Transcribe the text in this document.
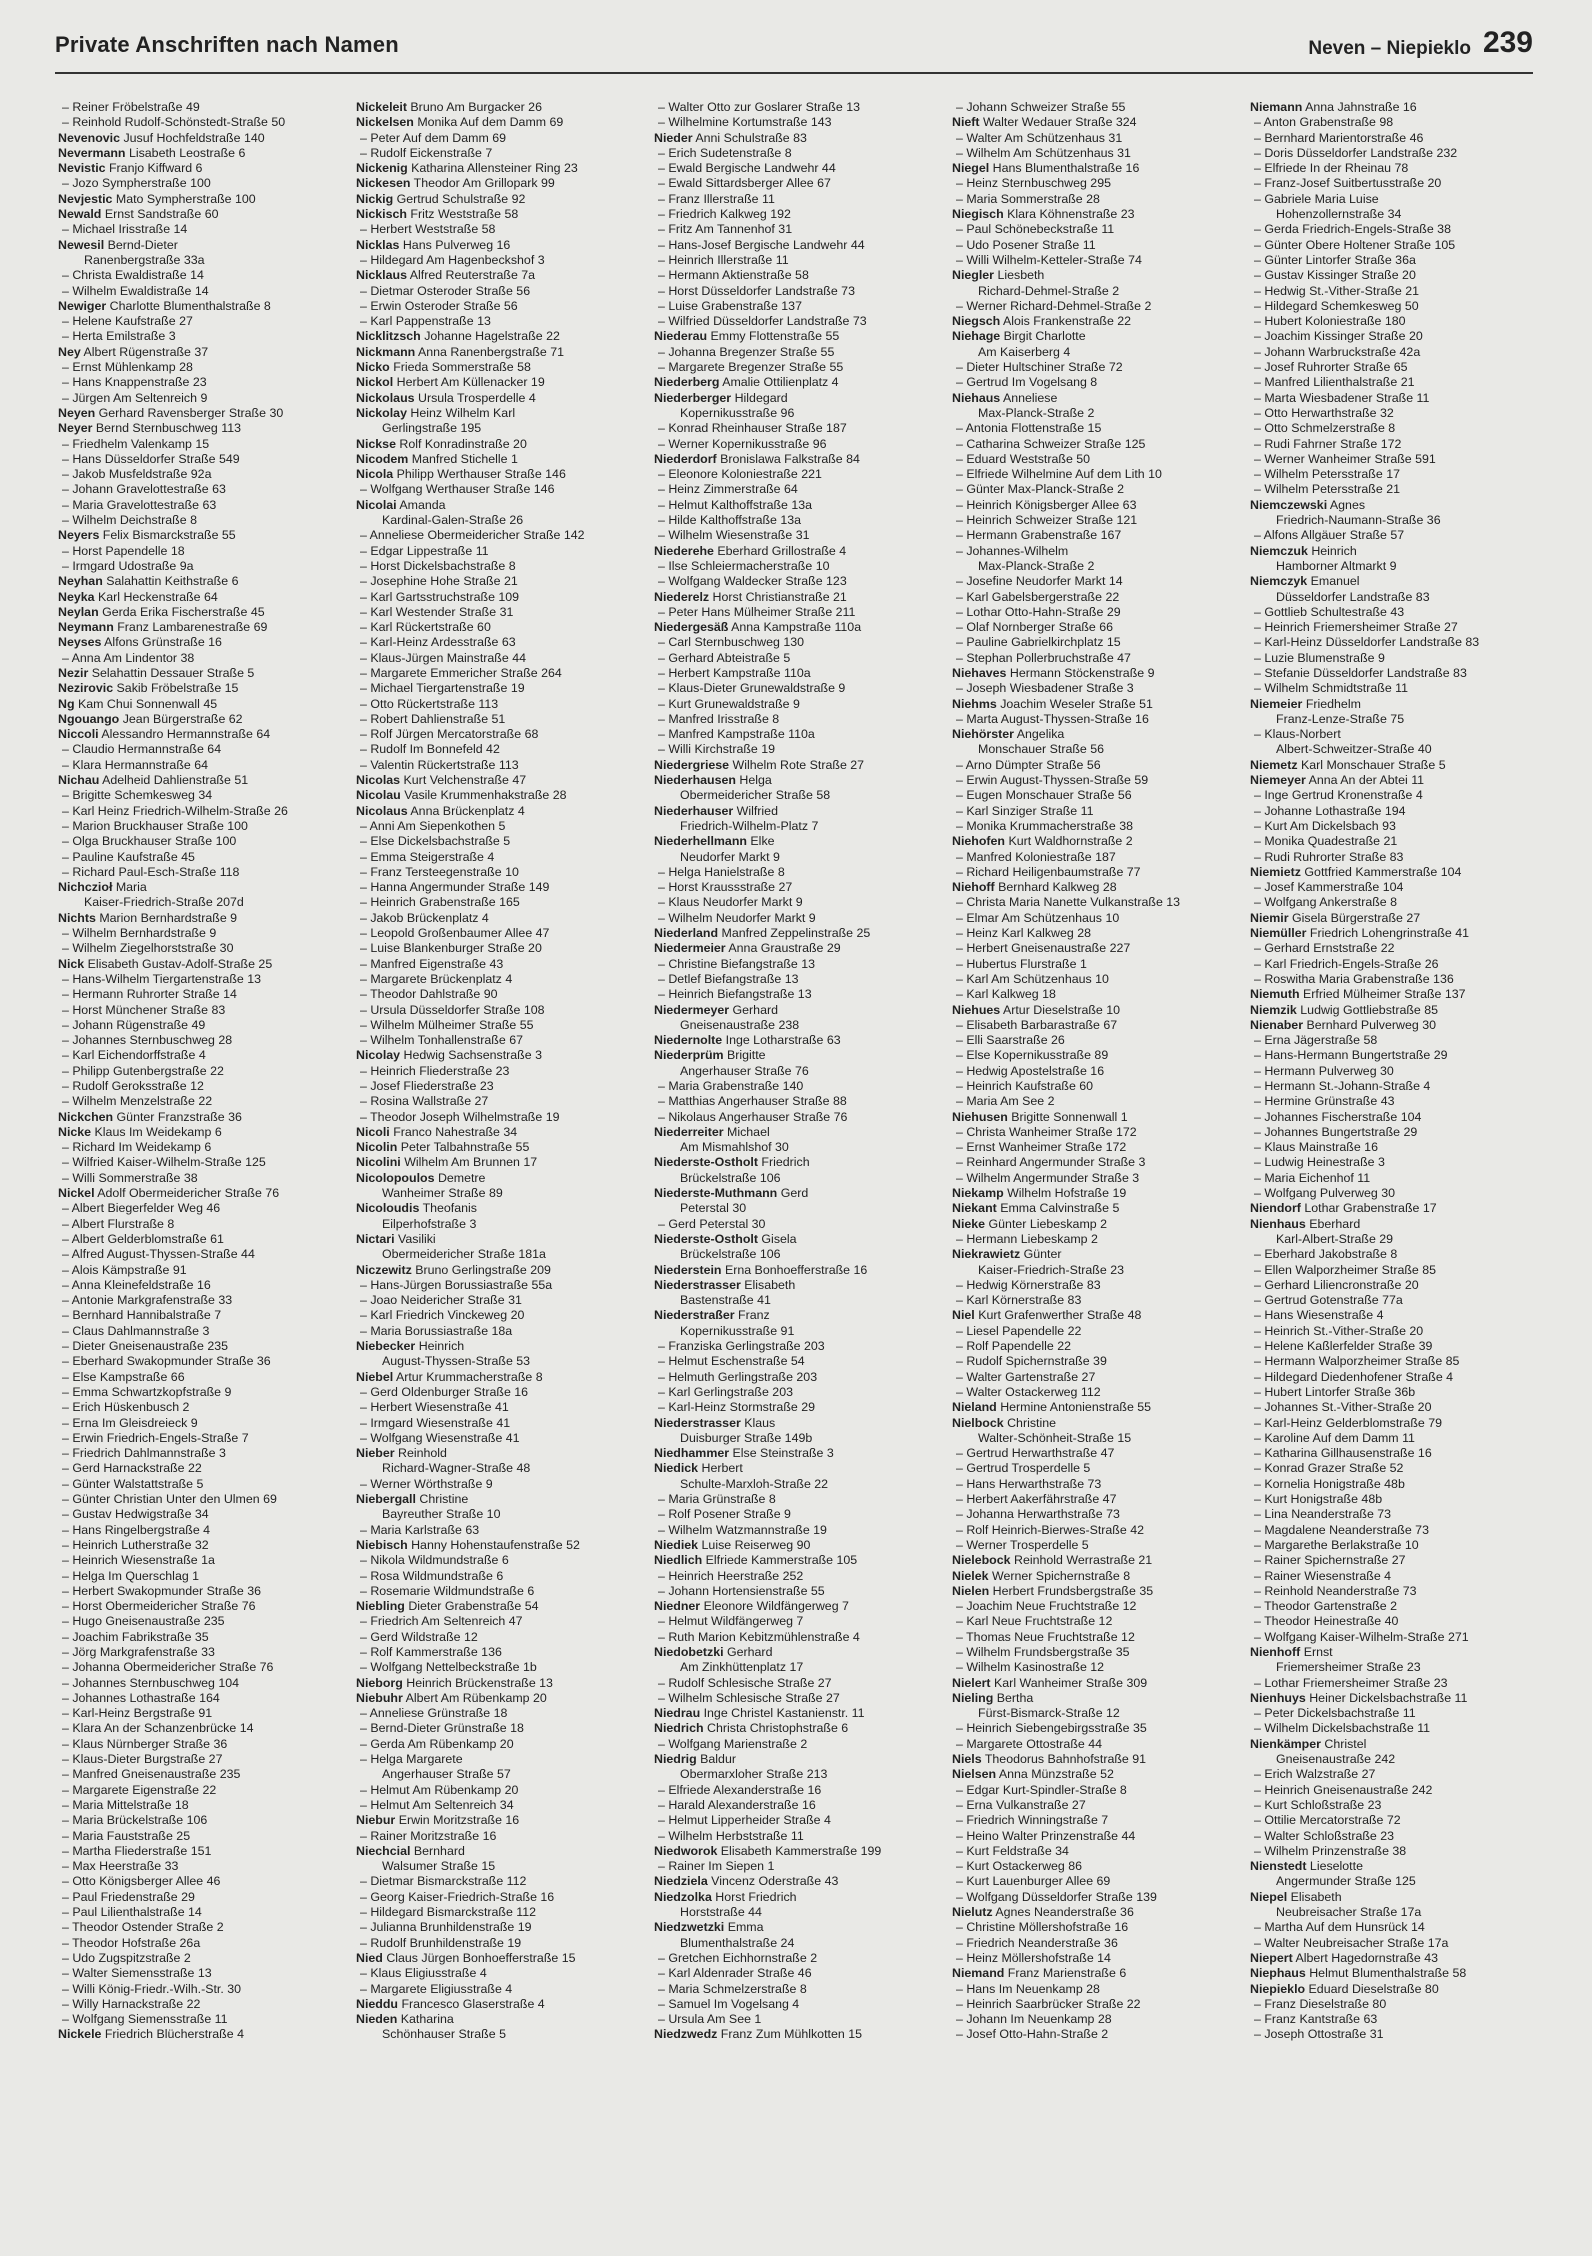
Private Anschriften nach Namen	Neven – Niepieklo 239
– Reiner Fröbelstraße 49
– Reinhold Rudolf-Schönstedt-Straße 50
Nevenovic Jusuf Hochfeldstraße 140
Nevermann Lisabeth Leostraße 6
Nevistic Franjo Kiffward 6
– Jozo Sympherstraße 100
Nevjestic Mato Sympherstraße 100
Newald Ernst Sandstraße 60
– Michael Irisstraße 14
Newesil Bernd-Dieter
Ranenbergstraße 33a
– Christa Ewaldistraße 14
– Wilhelm Ewaldistraße 14
Newiger Charlotte Blumenthalstraße 8
– Helene Kaufstraße 27
– Herta Emilstraße 3
Ney Albert Rügenstraße 37
– Ernst Mühlenkamp 28
– Hans Knappenstraße 23
– Jürgen Am Seltenreich 9
Neyen Gerhard Ravensberger Straße 30
Neyer Bernd Sternbuschweg 113
– Friedhelm Valenkamp 15
– Hans Düsseldorfer Straße 549
– Jakob Musfeldstraße 92a
– Johann Gravelottestraße 63
– Maria Gravelottestraße 63
– Wilhelm Deichstraße 8
Neyers Felix Bismarckstraße 55
– Horst Papendelle 18
– Irmgard Udostraße 9a
Neyhan Salahattin Keithstraße 6
Neyka Karl Heckenstraße 64
Neylan Gerda Erika Fischerstraße 45
Neymann Franz Lambarenestraße 69
Neyses Alfons Grünstraße 16
– Anna Am Lindentor 38
Nezir Selahattin Dessauer Straße 5
Nezirovic Sakib Fröbelstraße 15
Ng Kam Chui Sonnenwall 45
Ngouango Jean Bürgerstraße 62
Niccoli Alessandro Hermannstraße 64
– Claudio Hermannstraße 64
– Klara Hermannstraße 64
Nichau Adelheid Dahlienstraße 51
– Brigitte Schemkesweg 34
– Karl Heinz Friedrich-Wilhelm-Straße 26
– Marion Bruckhauser Straße 100
– Olga Bruckhauser Straße 100
– Pauline Kaufstraße 45
– Richard Paul-Esch-Straße 118
Nichczioł Maria
Kaiser-Friedrich-Straße 207d
Nichts Marion Bernhardstraße 9
– Wilhelm Bernhardstraße 9
– Wilhelm Ziegelhorststraße 30
Nick Elisabeth Gustav-Adolf-Straße 25
– Hans-Wilhelm Tiergartenstraße 13
– Hermann Ruhrorter Straße 14
– Horst Münchener Straße 83
– Johann Rügenstraße 49
– Johannes Sternbuschweg 28
– Karl Eichendorffstraße 4
– Philipp Gutenbergstraße 22
– Rudolf Geroksstraße 12
– Wilhelm Menzelstraße 22
Nickchen Günter Franzstraße 36
Nicke Klaus Im Weidekamp 6
– Richard Im Weidekamp 6
– Wilfried Kaiser-Wilhelm-Straße 125
– Willi Sommerstraße 38
Nickel Adolf Obermeidericher Straße 76
– Albert Biegerfelder Weg 46
– Albert Flurstraße 8
– Albert Gelderblomstraße 61
– Alfred August-Thyssen-Straße 44
– Alois Kämpstraße 91
– Anna Kleinefeldstraße 16
– Antonie Markgrafenstraße 33
– Bernhard Hannibalstraße 7
– Claus Dahlmannstraße 3
– Dieter Gneisenaustraße 235
– Eberhard Swakopmunder Straße 36
– Else Kampstraße 66
– Emma Schwartzkopfstraße 9
– Erich Hüskenbusch 2
– Erna Im Gleisdreieck 9
– Erwin Friedrich-Engels-Straße 7
– Friedrich Dahlmannstraße 3
– Gerd Harnackstraße 22
– Günter Walstattstraße 5
– Günter Christian Unter den Ulmen 69
– Gustav Hedwigstraße 34
– Hans Ringelbergstraße 4
– Heinrich Lutherstraße 32
– Heinrich Wiesenstraße 1a
– Helga Im Querschlag 1
– Herbert Swakopmunder Straße 36
– Horst Obermeidericher Straße 76
– Hugo Gneisenaustraße 235
– Joachim Fabrikstraße 35
– Jörg Markgrafenstraße 33
– Johanna Obermeidericher Straße 76
– Johannes Sternbuschweg 104
– Johannes Lothastraße 164
– Karl-Heinz Bergstraße 91
– Klara An der Schanzenbrücke 14
– Klaus Nürnberger Straße 36
– Klaus-Dieter Burgstraße 27
– Manfred Gneisenaustraße 235
– Margarete Eigenstraße 22
– Maria Mittelstraße 18
– Maria Brückelstraße 106
– Maria Fauststraße 25
– Martha Fliederstraße 151
– Max Heerstraße 33
– Otto Königsberger Allee 46
– Paul Friedenstraße 29
– Paul Lilienthalstraße 14
– Theodor Ostender Straße 2
– Theodor Hofstraße 26a
– Udo Zugspitzstraße 2
– Walter Siemensstraße 13
– Willi König-Friedr.-Wilh.-Str. 30
– Willy Harnackstraße 22
– Wolfgang Siemensstraße 11
Nickele Friedrich Blücherstraße 4
Nickeleit Bruno Am Burgacker 26
Nickelsen Monika Auf dem Damm 69
– Peter Auf dem Damm 69
– Rudolf Eickenstraße 7
Nickenig Katharina Allensteiner Ring 23
Nickesen Theodor Am Grillopark 99
Nickig Gertrud Schulstraße 92
Nickisch Fritz Weststraße 58
– Herbert Weststraße 58
Nicklas Hans Pulverweg 16
– Hildegard Am Hagenbeckshof 3
Nicklaus Alfred Reuterstraße 7a
– Dietmar Osteroder Straße 56
– Erwin Osteroder Straße 56
– Karl Pappenstraße 13
Nicklitzsch Johanne Hagelstraße 22
Nickmann Anna Ranenbergstraße 71
Nicko Frieda Sommerstraße 58
Nickol Herbert Am Küllenacker 19
Nickolaus Ursula Trosperdelle 4
Nickolay Heinz Wilhelm Karl
Gerlingstraße 195
Nickse Rolf Konradinstraße 20
Nicodem Manfred Stichelle 1
Nicola Philipp Werthauser Straße 146
– Wolfgang Werthauser Straße 146
Nicolai Amanda
Kardinal-Galen-Straße 26
– Anneliese Obermeidericher Straße 142
– Edgar Lippestraße 11
– Horst Dickelsbachstraße 8
– Josephine Hohe Straße 21
– Karl Gartsstruchstraße 109
– Karl Westender Straße 31
– Karl Rückertstraße 60
– Karl-Heinz Ardesstraße 63
– Klaus-Jürgen Mainstraße 44
– Margarete Emmericher Straße 264
– Michael Tiergartenstraße 19
– Otto Rückertstraße 113
– Robert Dahlienstraße 51
– Rolf Jürgen Mercatorstraße 68
– Rudolf Im Bonnefeld 42
– Valentin Rückertstraße 113
Nicolas Kurt Velchenstraße 47
Nicolau Vasile Krummenhakstraße 28
Nicolaus Anna Brückenplatz 4
– Anni Am Siepenkothen 5
– Else Dickelsbachstraße 5
– Emma Steigerstraße 4
– Franz Tersteegenstraße 10
– Hanna Angermunder Straße 149
– Heinrich Grabenstraße 165
– Jakob Brückenplatz 4
– Leopold Großenbaumer Allee 47
– Luise Blankenburger Straße 20
– Manfred Eigenstraße 43
– Margarete Brückenplatz 4
– Theodor Dahlstraße 90
– Ursula Düsseldorfer Straße 108
– Wilhelm Mülheimer Straße 55
– Wilhelm Tonhallenstraße 67
Nicolay Hedwig Sachsenstraße 3
– Heinrich Fliederstraße 23
– Josef Fliederstraße 23
– Rosina Wallstraße 27
– Theodor Joseph Wilhelmstraße 19
Nicoli Franco Nahestraße 34
Nicolin Peter Talbahnstraße 55
Nicolini Wilhelm Am Brunnen 17
Nicolopoulos Demetre
Wanheimer Straße 89
Nicoloudis Theofanis
Eilperhofstraße 3
Nictari Vasiliki
Obermeidericher Straße 181a
Niczewitz Bruno Gerlingstraße 209
– Hans-Jürgen Borussiastraße 55a
– Joao Neidericher Straße 31
– Karl Friedrich Vinckeweg 20
– Maria Borussiastraße 18a
Niebecker Heinrich
August-Thyssen-Straße 53
Niebel Artur Krummacherstraße 8
– Gerd Oldenburger Straße 16
– Herbert Wiesenstraße 41
– Irmgard Wiesenstraße 41
– Wolfgang Wiesenstraße 41
Nieber Reinhold
Richard-Wagner-Straße 48
– Werner Wörthstraße 9
Niebergall Christine
Bayreuther Straße 10
– Maria Karlstraße 63
Niebisch Hanny Hohenstaufenstraße 52
– Nikola Wildmundstraße 6
– Rosa Wildmundstraße 6
– Rosemarie Wildmundstraße 6
Niebling Dieter Grabenstraße 54
– Friedrich Am Seltenreich 47
– Gerd Wildstraße 12
– Rolf Kammerstraße 136
– Wolfgang Nettelbeckstraße 1b
Nieborg Heinrich Brückenstraße 13
Niebuhr Albert Am Rübenkamp 20
– Anneliese Grünstraße 18
– Bernd-Dieter Grünstraße 18
– Gerda Am Rübenkamp 20
– Helga Margarete
Angerhauser Straße 57
– Helmut Am Rübenkamp 20
– Helmut Am Seltenreich 34
Niebur Erwin Moritzstraße 16
– Rainer Moritzstraße 16
Niechcial Bernhard
Walsumer Straße 15
– Dietmar Bismarckstraße 112
– Georg Kaiser-Friedrich-Straße 16
– Hildegard Bismarckstraße 112
– Julianna Brunhildenstraße 19
– Rudolf Brunhildenstraße 19
Nied Claus Jürgen Bonhoefferstraße 15
– Klaus Eligiusstraße 4
– Margarete Eligiusstraße 4
Nieddu Francesco Glaserstraße 4
Nieden Katharina
Schönhauser Straße 5
– Walter Otto zur Goslarer Straße 13
– Wilhelmine Kortumstraße 143
Nieder Anni Schulstraße 83
– Erich Sudetenstraße 8
– Ewald Bergische Landwehr 44
– Ewald Sittardsberger Allee 67
– Franz Illerstraße 11
– Friedrich Kalkweg 192
– Fritz Am Tannenhof 31
– Hans-Josef Bergische Landwehr 44
– Heinrich Illerstraße 11
– Hermann Aktienstraße 58
– Horst Düsseldorfer Landstraße 73
– Luise Grabenstraße 137
– Wilfried Düsseldorfer Landstraße 73
Niederau Emmy Flottenstraße 55
– Johanna Bregenzer Straße 55
– Margarete Bregenzer Straße 55
Niederberg Amalie Ottilienplatz 4
Niederberger Hildegard
Kopernikusstraße 96
– Konrad Rheinhauser Straße 187
– Werner Kopernikusstraße 96
Niederdorf Bronislawa Falkstraße 84
– Eleonore Koloniestraße 221
– Heinz Zimmerstraße 64
– Helmut Kalthoffstraße 13a
– Hilde Kalthoffstraße 13a
– Wilhelm Wiesenstraße 31
Niederehe Eberhard Grillostraße 4
– Ilse Schleiermacherstraße 10
– Wolfgang Waldecker Straße 123
Niederelz Horst Christianstraße 21
– Peter Hans Mülheimer Straße 211
Niedergesäß Anna Kampstraße 110a
– Carl Sternbuschweg 130
– Gerhard Abteistraße 5
– Herbert Kampstraße 110a
– Klaus-Dieter Grunewaldstraße 9
– Kurt Grunewaldstraße 9
– Manfred Irisstraße 8
– Manfred Kampstraße 110a
– Willi Kirchstraße 19
Niedergriese Wilhelm Rote Straße 27
Niederhausen Helga
Obermeidericher Straße 58
Niederhauser Wilfried
Friedrich-Wilhelm-Platz 7
Niederhellmann Elke
Neudorfer Markt 9
– Helga Hanielstraße 8
– Horst Kraussstraße 27
– Klaus Neudorfer Markt 9
– Wilhelm Neudorfer Markt 9
Niederland Manfred Zeppelinstraße 25
Niedermeier Anna Graustraße 29
– Christine Biefangstraße 13
– Detlef Biefangstraße 13
– Heinrich Biefangstraße 13
Niedermeyer Gerhard
Gneisenaustraße 238
Niedernolte Inge Lotharstraße 63
Niederprüm Brigitte
Angerhauser Straße 76
– Maria Grabenstraße 140
– Matthias Angerhauser Straße 88
– Nikolaus Angerhauser Straße 76
Niederreiter Michael
Am Mismahlshof 30
Niederste-Ostholt Friedrich
Brückelstraße 106
Niederste-Muthmann Gerd
Peterstal 30
– Gerd Peterstal 30
Niederste-Ostholt Gisela
Brückelstraße 106
Niederstein Erna Bonhoefferstraße 16
Niederstrasser Elisabeth
Bastenstraße 41
Niederstraßer Franz
Kopernikusstraße 91
– Franziska Gerlingstraße 203
– Helmut Eschenstraße 54
– Helmuth Gerlingstraße 203
– Karl Gerlingstraße 203
– Karl-Heinz Stormstraße 29
Niederstrasser Klaus
Duisburger Straße 149b
Niedhammer Else Steinstraße 3
Niedick Herbert
Schulte-Marxloh-Straße 22
– Maria Grünstraße 8
– Rolf Posener Straße 9
– Wilhelm Watzmannstraße 19
Niediek Luise Reiserweg 90
Niedlich Elfriede Kammerstraße 105
– Heinrich Heerstraße 252
– Johann Hortensienstraße 55
Niedner Eleonore Wildfängerweg 7
– Helmut Wildfängerweg 7
– Ruth Marion Kebitzmühlenstraße 4
Niedobetzki Gerhard
Am Zinkhüttenplatz 17
– Rudolf Schlesische Straße 27
– Wilhelm Schlesische Straße 27
Niedrau Inge Christel Kastanienstr. 11
Niedrich Christa Christophstraße 6
– Wolfgang Marienstraße 2
Niedrig Baldur
Obermarxloher Straße 213
– Elfriede Alexanderstraße 16
– Harald Alexanderstraße 16
– Helmut Lipperheider Straße 4
– Wilhelm Herbststraße 11
Niedworok Elisabeth Kammerstraße 199
– Rainer Im Siepen 1
Niedziela Vincenz Oderstraße 43
Niedzolka Horst Friedrich
Horststraße 44
Niedzwetzki Emma
Blumenthalstraße 24
– Gretchen Eichhornstraße 2
– Karl Aldenrader Straße 46
– Maria Schmelzerstraße 8
– Samuel Im Vogelsang 4
– Ursula Am See 1
Niedzwedz Franz Zum Mühlkotten 15
– Johann Schweizer Straße 55
Nieft Walter Wedauer Straße 324
– Walter Am Schützenhaus 31
– Wilhelm Am Schützenhaus 31
Niegel Hans Blumenthalstraße 16
– Heinz Sternbuschweg 295
– Maria Sommerstraße 28
Niegisch Klara Köhnenstraße 23
– Paul Schönebeckstraße 11
– Udo Posener Straße 11
– Willi Wilhelm-Ketteler-Straße 74
Niegler Liesbeth
Richard-Dehmel-Straße 2
– Werner Richard-Dehmel-Straße 2
Niegsch Alois Frankenstraße 22
Niehage Birgit Charlotte
Am Kaiserberg 4
– Dieter Hultschiner Straße 72
– Gertrud Im Vogelsang 8
Niehaus Anneliese
Max-Planck-Straße 2
– Antonia Flottenstraße 15
– Catharina Schweizer Straße 125
– Eduard Weststraße 50
– Elfriede Wilhelmine Auf dem Lith 10
– Günter Max-Planck-Straße 2
– Heinrich Königsberger Allee 63
– Heinrich Schweizer Straße 121
– Hermann Grabenstraße 167
– Johannes-Wilhelm
Max-Planck-Straße 2
– Josefine Neudorfer Markt 14
– Karl Gabelsbergerstraße 22
– Lothar Otto-Hahn-Straße 29
– Olaf Nornberger Straße 66
– Pauline Gabrielkirchplatz 15
– Stephan Pollerbruchstraße 47
Niehaves Hermann Stöckenstraße 9
– Joseph Wiesbadener Straße 3
Niehms Joachim Weseler Straße 51
– Marta August-Thyssen-Straße 16
Niehörster Angelika
Monschauer Straße 56
– Arno Dümpter Straße 56
– Erwin August-Thyssen-Straße 59
– Eugen Monschauer Straße 56
– Karl Sinziger Straße 11
– Monika Krummacherstraße 38
Niehofen Kurt Waldhornstraße 2
– Manfred Koloniestraße 187
– Richard Heiligenbaumstraße 77
Niehoff Bernhard Kalkweg 28
– Christa Maria Nanette Vulkanstraße 13
– Elmar Am Schützenhaus 10
– Heinz Karl Kalkweg 28
– Herbert Gneisenaustraße 227
– Hubertus Flurstraße 1
– Karl Am Schützenhaus 10
– Karl Kalkweg 18
Niehues Artur Dieselstraße 10
– Elisabeth Barbarastraße 67
– Elli Saarstraße 26
– Else Kopernikusstraße 89
– Hedwig Apostelstraße 16
– Heinrich Kaufstraße 60
– Maria Am See 2
Niehusen Brigitte Sonnenwall 1
– Christa Wanheimer Straße 172
– Ernst Wanheimer Straße 172
– Reinhard Angermunder Straße 3
– Wilhelm Angermunder Straße 3
Niekamp Wilhelm Hofstraße 19
Niekant Emma Calvinstraße 5
Nieke Günter Liebeskamp 2
– Hermann Liebeskamp 2
Niekrawietz Günter
Kaiser-Friedrich-Straße 23
– Hedwig Körnerstraße 83
– Karl Körnerstraße 83
Niel Kurt Grafenwerther Straße 48
– Liesel Papendelle 22
– Rolf Papendelle 22
– Rudolf Spichernstraße 39
– Walter Gartenstraße 27
– Walter Ostackerweg 112
Nieland Hermine Antonienstraße 55
Nielbock Christine
Walter-Schönheit-Straße 15
– Gertrud Herwarthstraße 47
– Gertrud Trosperdelle 5
– Hans Herwarthstraße 73
– Herbert Aakerfährstraße 47
– Johanna Herwarthstraße 73
– Rolf Heinrich-Bierwes-Straße 42
– Werner Trosperdelle 5
Nielebock Reinhold Werrastraße 21
Nielek Werner Spichernstraße 8
Nielen Herbert Frundsbergstraße 35
– Joachim Neue Fruchtstraße 12
– Karl Neue Fruchtstraße 12
– Thomas Neue Fruchtstraße 12
– Wilhelm Frundsbergstraße 35
– Wilhelm Kasinostraße 12
Nielert Karl Wanheimer Straße 309
Nieling Bertha
Fürst-Bismarck-Straße 12
– Heinrich Siebengebirgsstraße 35
– Margarete Ottostraße 44
Niels Theodorus Bahnhofstraße 91
Nielsen Anna Münzstraße 52
– Edgar Kurt-Spindler-Straße 8
– Erna Vulkanstraße 27
– Friedrich Winningstraße 7
– Heino Walter Prinzenstraße 44
– Kurt Feldstraße 34
– Kurt Ostackerweg 86
– Kurt Lauenburger Allee 69
– Wolfgang Düsseldorfer Straße 139
Nielutz Agnes Neanderstraße 36
– Christine Möllershofstraße 16
– Friedrich Neanderstraße 36
– Heinz Möllershofstraße 14
Niemand Franz Marienstraße 6
– Hans Im Neuenkamp 28
– Heinrich Saarbrücker Straße 22
– Johann Im Neuenkamp 28
– Josef Otto-Hahn-Straße 2
Niemann Anna Jahnstraße 16
– Anton Grabenstraße 98
– Bernhard Marientorstraße 46
– Doris Düsseldorfer Landstraße 232
– Elfriede In der Rheinau 78
– Franz-Josef Suitbertusstraße 20
– Gabriele Maria Luise
Hohenzollernstraße 34
– Gerda Friedrich-Engels-Straße 38
– Günter Obere Holtener Straße 105
– Günter Lintorfer Straße 36a
– Gustav Kissinger Straße 20
– Hedwig St.-Vither-Straße 21
– Hildegard Schemkesweg 50
– Hubert Koloniestraße 180
– Joachim Kissinger Straße 20
– Johann Warbruckstraße 42a
– Josef Ruhrorter Straße 65
– Manfred Lilienthalstraße 21
– Marta Wiesbadener Straße 11
– Otto Herwarthstraße 32
– Otto Schmelzerstraße 8
– Rudi Fahrner Straße 172
– Werner Wanheimer Straße 591
– Wilhelm Petersstraße 17
– Wilhelm Petersstraße 21
Niemczewski Agnes
Friedrich-Naumann-Straße 36
– Alfons Allgäuer Straße 57
Niemczuk Heinrich
Hamborner Altmarkt 9
Niemczyk Emanuel
Düsseldorfer Landstraße 83
– Gottlieb Schultestraße 43
– Heinrich Friemersheimer Straße 27
– Karl-Heinz Düsseldorfer Landstraße 83
– Luzie Blumenstraße 9
– Stefanie Düsseldorfer Landstraße 83
– Wilhelm Schmidtstraße 11
Niemeier Friedhelm
Franz-Lenze-Straße 75
– Klaus-Norbert
Albert-Schweitzer-Straße 40
Niemetz Karl Monschauer Straße 5
Niemeyer Anna An der Abtei 11
– Inge Gertrud Kronenstraße 4
– Johanne Lothastraße 194
– Kurt Am Dickelsbach 93
– Monika Quadestraße 21
– Rudi Ruhrorter Straße 83
Niemietz Gottfried Kammerstraße 104
– Josef Kammerstraße 104
– Wolfgang Ankerstraße 8
Niemir Gisela Bürgerstraße 27
Niemüller Friedrich Lohengrinstraße 41
– Gerhard Ernststraße 22
– Karl Friedrich-Engels-Straße 26
– Roswitha Maria Grabenstraße 136
Niemuth Erfried Mülheimer Straße 137
Niemzik Ludwig Gottliebstraße 85
Nienaber Bernhard Pulverweg 30
– Erna Jägerstraße 58
– Hans-Hermann Bungertstraße 29
– Hermann Pulverweg 30
– Hermann St.-Johann-Straße 4
– Hermine Grünstraße 43
– Johannes Fischerstraße 104
– Johannes Bungertstraße 29
– Klaus Mainstraße 16
– Ludwig Heinestraße 3
– Maria Eichenhof 11
– Wolfgang Pulverweg 30
Niendorf Lothar Grabenstraße 17
Nienhaus Eberhard
Karl-Albert-Straße 29
– Eberhard Jakobstraße 8
– Ellen Walporzheimer Straße 85
– Gerhard Liliencronstraße 20
– Gertrud Gotenstraße 77a
– Hans Wiesenstraße 4
– Heinrich St.-Vither-Straße 20
– Helene Kaßlerfelder Straße 39
– Hermann Walporzheimer Straße 85
– Hildegard Diedenhofener Straße 4
– Hubert Lintorfer Straße 36b
– Johannes St.-Vither-Straße 20
– Karl-Heinz Gelderblomstraße 79
– Karoline Auf dem Damm 11
– Katharina Gillhausenstraße 16
– Konrad Grazer Straße 52
– Kornelia Honigstraße 48b
– Kurt Honigstraße 48b
– Lina Neanderstraße 73
– Magdalene Neanderstraße 73
– Margarethe Berlakstraße 10
– Rainer Spichernstraße 27
– Rainer Wiesenstraße 4
– Reinhold Neanderstraße 73
– Theodor Gartenstraße 2
– Theodor Heinestraße 40
– Wolfgang Kaiser-Wilhelm-Straße 271
Nienhoff Ernst
Friemersheimer Straße 23
– Lothar Friemersheimer Straße 23
Nienhuys Heiner Dickelsbachstraße 11
– Peter Dickelsbachstraße 11
– Wilhelm Dickelsbachstraße 11
Nienkämper Christel
Gneisenaustraße 242
– Erich Walzstraße 27
– Heinrich Gneisenaustraße 242
– Kurt Schloßstraße 23
– Ottilie Mercatorstraße 72
– Walter Schloßstraße 23
– Wilhelm Prinzenstraße 38
Nienstedt Lieselotte
Angermunder Straße 125
Niepel Elisabeth
Neubreisacher Straße 17a
– Martha Auf dem Hunsrück 14
– Walter Neubreisacher Straße 17a
Niepert Albert Hagedornstraße 43
Niephaus Helmut Blumenthalstraße 58
Niepieklo Eduard Dieselstraße 80
– Franz Dieselstraße 80
– Franz Kantstraße 63
– Joseph Ottostraße 31
